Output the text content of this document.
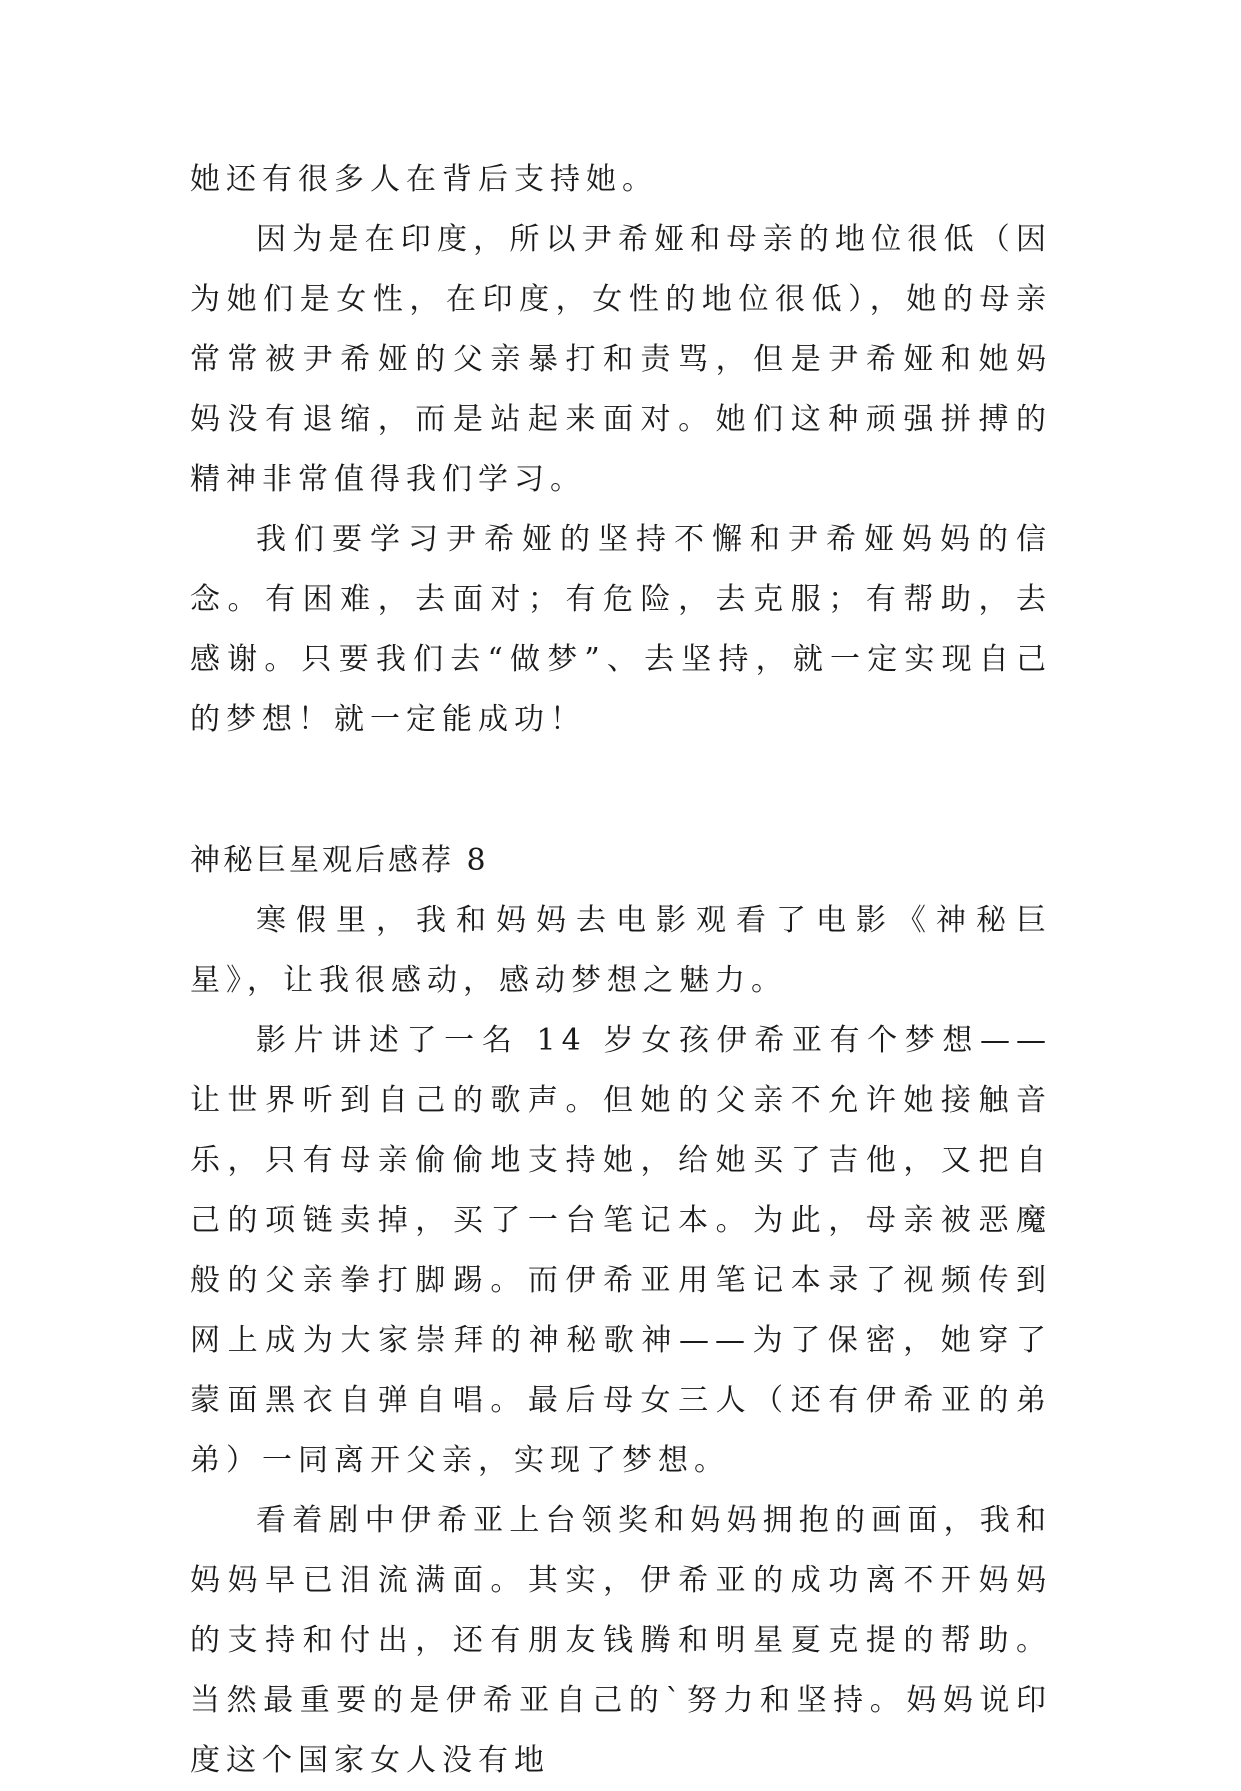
她还有很多人在背后支持她。

因为是在印度，所以尹希娅和母亲的地位很低（因为她们是女性，在印度，女性的地位很低），她的母亲常常被尹希娅的父亲暴打和责骂，但是尹希娅和她妈妈没有退缩，而是站起来面对。她们这种顽强拼搏的精神非常值得我们学习。

我们要学习尹希娅的坚持不懈和尹希娅妈妈的信念。有困难，去面对；有危险，去克服；有帮助，去感谢。只要我们去“做梦”、去坚持，就一定实现自己的梦想！就一定能成功！

神秘巨星观后感荐 8

寒假里，我和妈妈去电影观看了电影《神秘巨星》，让我很感动，感动梦想之魅力。

影片讲述了一名 14 岁女孩伊希亚有个梦想——让世界听到自己的歌声。但她的父亲不允许她接触音乐，只有母亲偷偷地支持她，给她买了吉他，又把自己的项链卖掉，买了一台笔记本。为此，母亲被恶魔般的父亲拳打脚踢。而伊希亚用笔记本录了视频传到网上成为大家崇拜的神秘歌神——为了保密，她穿了蒙面黑衣自弹自唱。最后母女三人（还有伊希亚的弟弟）一同离开父亲，实现了梦想。

看着剧中伊希亚上台领奖和妈妈拥抱的画面，我和妈妈早已泪流满面。其实，伊希亚的成功离不开妈妈的支持和付出，还有朋友钱腾和明星夏克提的帮助。当然最重要的是伊希亚自己的`努力和坚持。妈妈说印度这个国家女人没有地
